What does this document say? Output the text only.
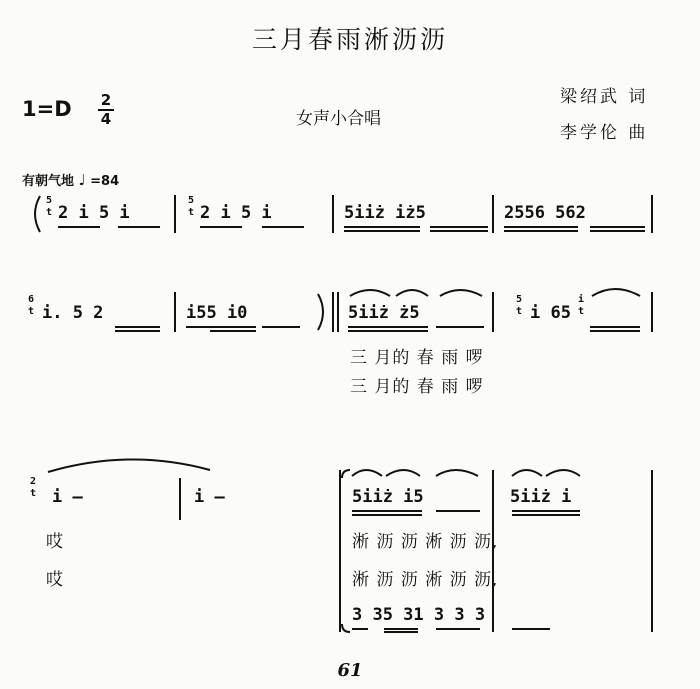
三月春雨淅沥沥
1=D	2
4	女声小合唱
梁绍武 词
李学伦 曲
有朝气地 ♩ =84
2 i 5 i	2 i 5 i	5iiż iż5	2556 562
i. 5 2	i55 i0	5iiż ż5	i 65
三 月的 春 雨 啰
三 月的 春 雨 啰
i —	i —	5iiż i5	5iiż i
哎
哎
淅 沥 沥 淅 沥 沥,
淅 沥 沥 淅 沥 沥,
3 35 31 3 3 3
61
5
t
5
t
6
t
5
t
i
t
2
t
